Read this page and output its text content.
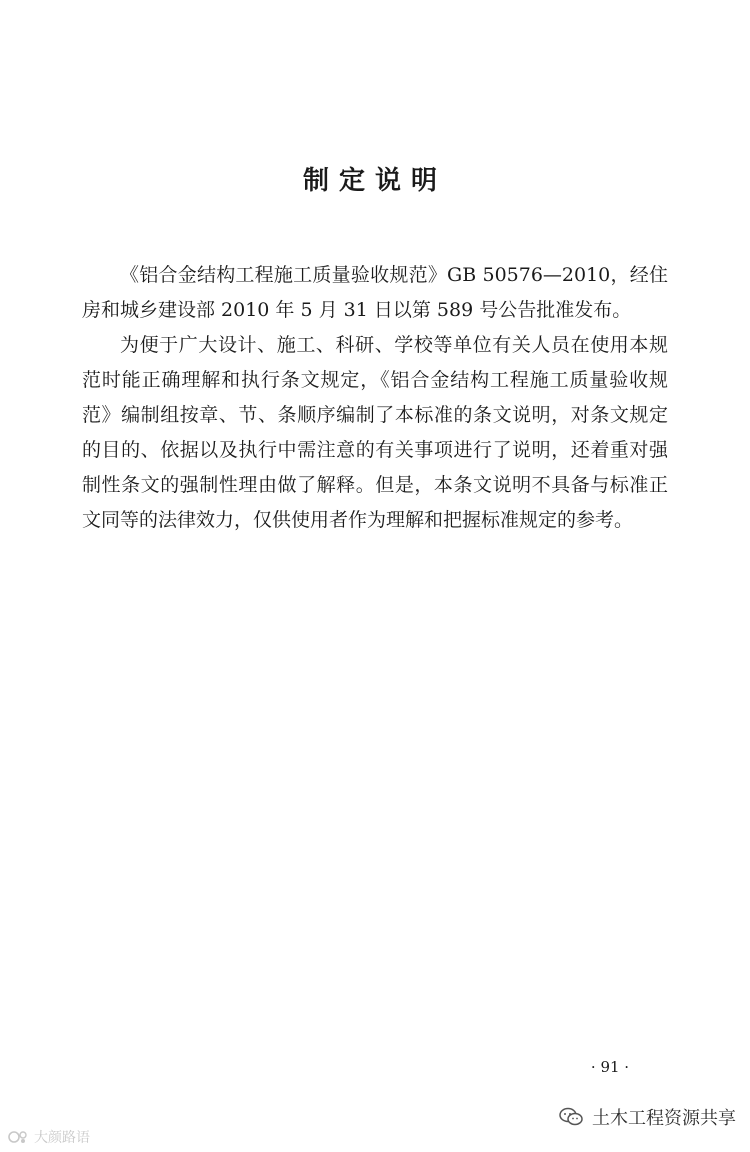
制定说明

《铝合金结构工程施工质量验收规范》GB 50576—2010，经住房和城乡建设部 2010 年 5 月 31 日以第 589 号公告批准发布。

为便于广大设计、施工、科研、学校等单位有关人员在使用本规范时能正确理解和执行条文规定，《铝合金结构工程施工质量验收规范》编制组按章、节、条顺序编制了本标准的条文说明，对条文规定的目的、依据以及执行中需注意的有关事项进行了说明，还着重对强制性条文的强制性理由做了解释。但是，本条文说明不具备与标准正文同等的法律效力，仅供使用者作为理解和把握标准规定的参考。

· 91 ·
大颜路语
土木工程资源共享
